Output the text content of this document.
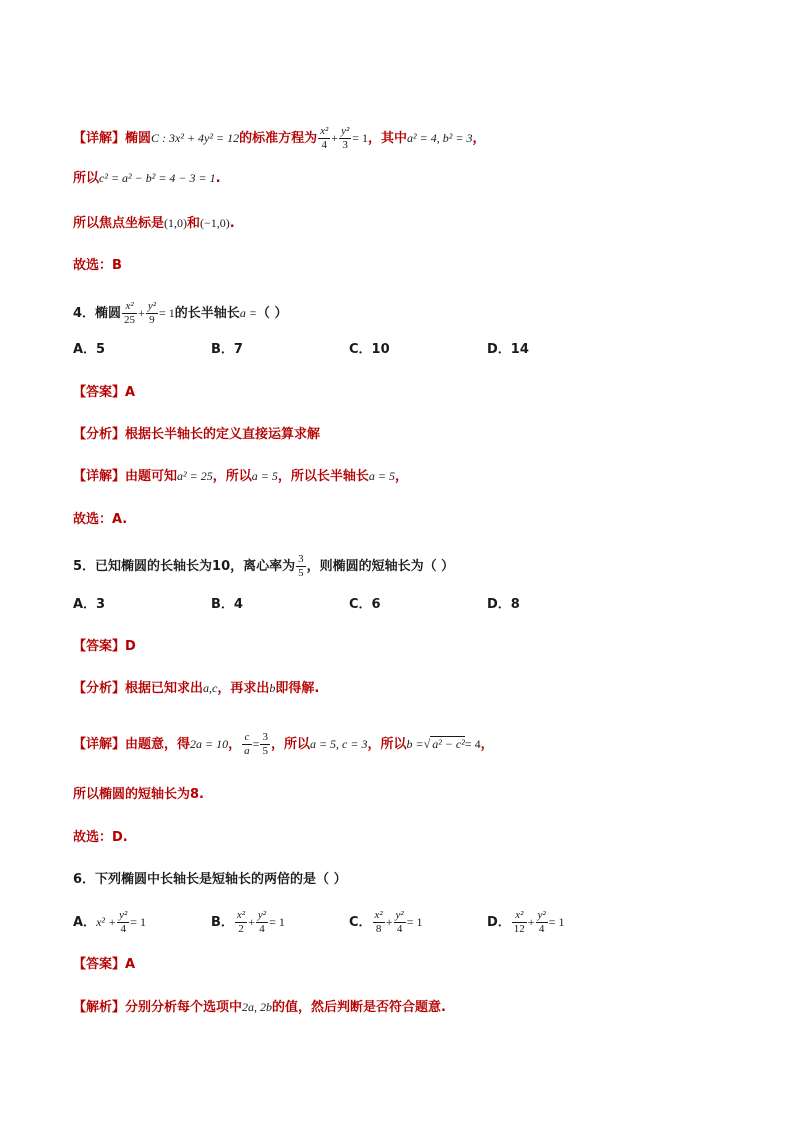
【详解】椭圆C : 3x² + 4y² = 12的标准方程为 $\frac{\text{x²}}{4} + \frac{\text{y²}}{3} = 1$，其中a² = 4, b² = 3，
所以c² = a² − b² = 4 − 3 = 1.
所以焦点坐标是(1,0)和(−1,0).
故选：B
4．椭圆 $\frac{\text{x²}}{25} + \frac{\text{y²}}{9} = 1$的长半轴长a =（ ）
A．5	B．7	C．10	D．14
【答案】A
【分析】根据长半轴长的定义直接运算求解
【详解】由题可知a² = 25，所以a = 5，所以长半轴长a = 5，
故选：A.
5．已知椭圆的长轴长为10，离心率为 $\frac{3}{5}$ ，则椭圆的短轴长为（ ）
A．3	B．4	C．6	D．8
【答案】D
【分析】根据已知求出a,c，再求出b即得解.
【详解】由题意，得2a = 10， $\frac{c}{a} = \frac{3}{5}$ ，所以a = 5, c = 3，所以b =√ a² − c²= 4，
所以椭圆的短轴长为8.
故选：D.
6．下列椭圆中长轴长是短轴长的两倍的是（ ）
A．$x^2 + \frac{\text{y²}}{4} = 1$	B． $\frac{\text{x²}}{2} + \frac{\text{y²}}{4} = 1$	C． $\frac{\text{x²}}{8} + \frac{\text{y²}}{4} = 1$	D． $\frac{\text{x²}}{12} + \frac{\text{y²}}{4} = 1$
【答案】A
【解析】分别分析每个选项中2a, 2b的值，然后判断是否符合题意.
